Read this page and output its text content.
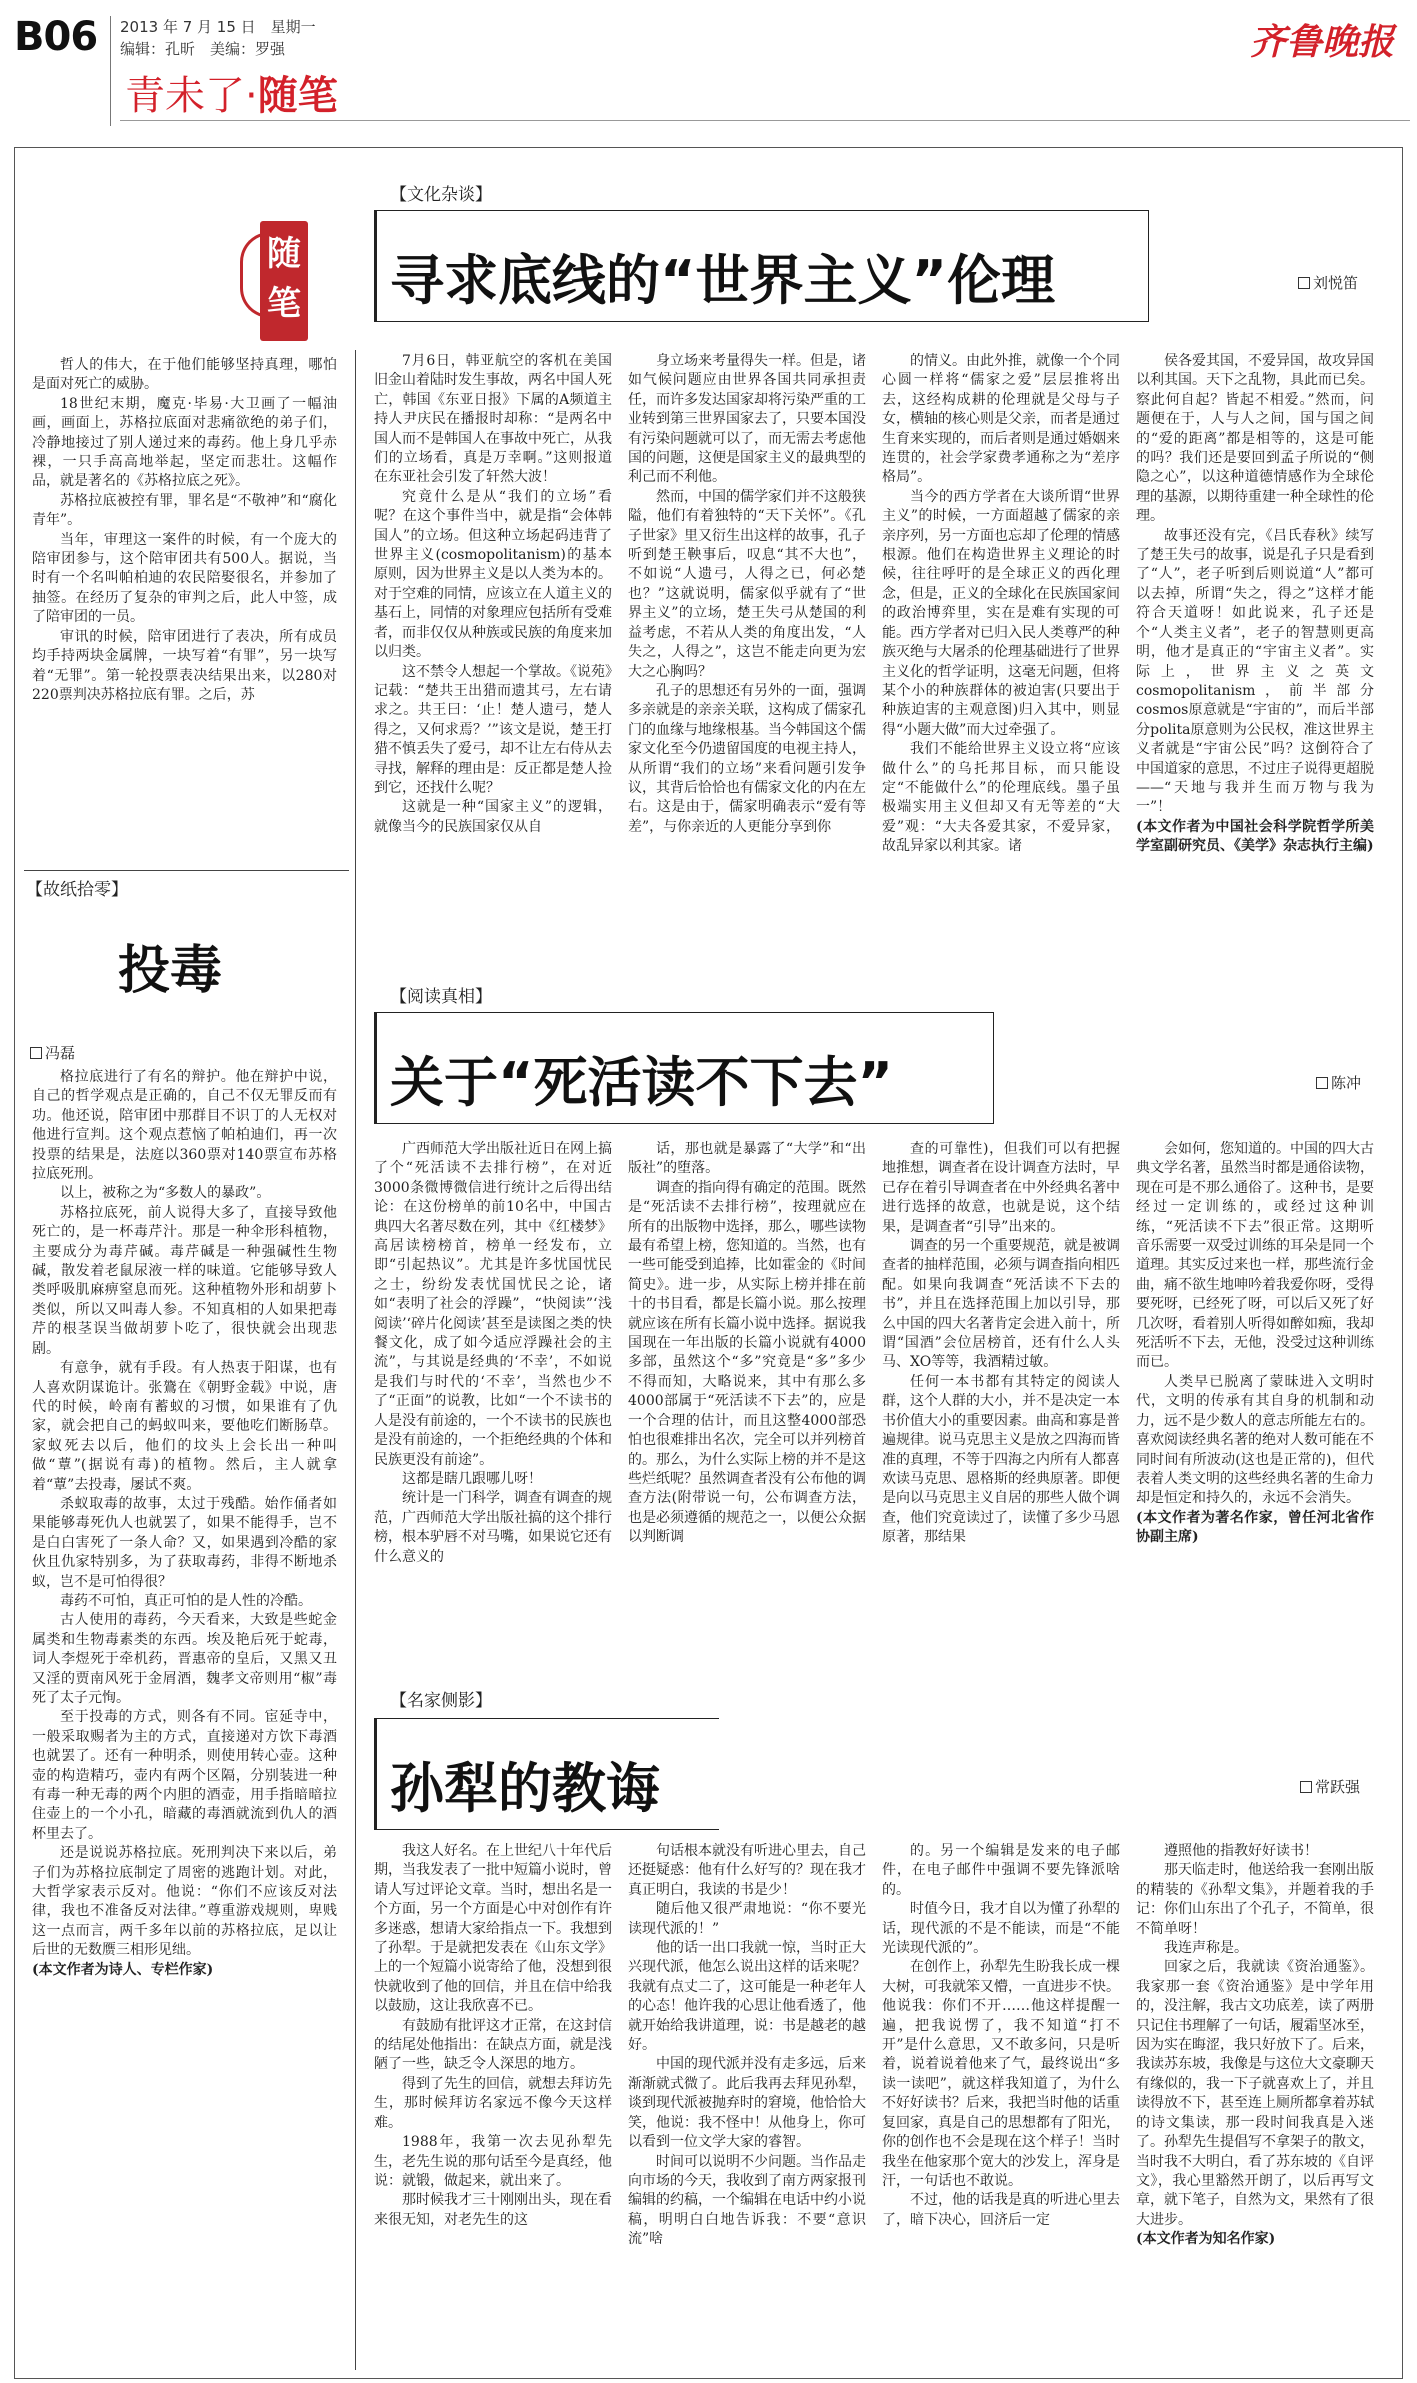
B06 2013 年 7 月 15 日　星期一
编辑：孔昕　美编：罗强
青未了·随笔
齐鲁晚报
随
笔

哲人的伟大，在于他们能够坚持真理，哪怕是面对死亡的威胁。

18世纪末期，魔克·毕易·大卫画了一幅油画，画面上，苏格拉底面对悲痛欲绝的弟子们，冷静地接过了别人递过来的毒药。他上身几乎赤裸，一只手高高地举起，坚定而悲壮。这幅作品，就是著名的《苏格拉底之死》。

苏格拉底被控有罪，罪名是“不敬神”和“腐化青年”。

当年，审理这一案件的时候，有一个庞大的陪审团参与，这个陪审团共有500人。据说，当时有一个名叫帕柏迪的农民陪娶很名，并参加了抽签。在经历了复杂的审判之后，此人中签，成了陪审团的一员。

审讯的时候，陪审团进行了表决，所有成员均手持两块金属牌，一块写着“有罪”，另一块写着“无罪”。第一轮投票表决结果出来，以280对220票判决苏格拉底有罪。之后，苏

【故纸拾零】
投毒
冯磊

格拉底进行了有名的辩护。他在辩护中说，自己的哲学观点是正确的，自己不仅无罪反而有功。他还说，陪审团中那群目不识丁的人无权对他进行宣判。这个观点惹恼了帕柏迪们，再一次投票的结果是，法庭以360票对140票宣布苏格拉底死刑。

以上，被称之为“多数人的暴政”。

苏格拉底死，前人说得大多了，直接导致他死亡的，是一杯毒芹汁。那是一种伞形科植物，主要成分为毒芹碱。毒芹碱是一种强碱性生物碱，散发着老鼠尿液一样的味道。它能够导致人类呼吸肌麻痹窒息而死。这种植物外形和胡萝卜类似，所以又叫毒人参。不知真相的人如果把毒芹的根茎误当做胡萝卜吃了，很快就会出现悲剧。

有意争，就有手段。有人热衷于阳谋，也有人喜欢阴谋诡计。张鷟在《朝野金载》中说，唐代的时候，岭南有蓄蚁的习惯，如果谁有了仇家，就会把自己的蚂蚁叫来，要他吃们断肠草。家蚁死去以后，他们的坟头上会长出一种叫做“蕈”(据说有毒)的植物。然后，主人就拿着“蕈”去投毒，屡试不爽。

杀蚁取毒的故事，太过于残酷。始作俑者如果能够毒死仇人也就罢了，如果不能得手，岂不是白白害死了一条人命？又，如果遇到冷酷的家伙且仇家特别多，为了获取毒药，非得不断地杀蚁，岂不是可怕得很？

毒药不可怕，真正可怕的是人性的冷酷。

古人使用的毒药，今天看来，大致是些蛇金属类和生物毒素类的东西。埃及艳后死于蛇毒，词人李煜死于牵机药，晋惠帝的皇后，又黑又丑又淫的贾南风死于金屑酒，魏孝文帝则用“椒”毒死了太子元恂。

至于投毒的方式，则各有不同。宦延寺中，一般采取赐者为主的方式，直接递对方饮下毒酒也就罢了。还有一种明杀，则使用转心壶。这种壶的构造精巧，壶内有两个区隔，分别装进一种有毒一种无毒的两个内胆的酒壶，用手指暗暗拉住壶上的一个小孔，暗藏的毒酒就流到仇人的酒杯里去了。

还是说说苏格拉底。死刑判决下来以后，弟子们为苏格拉底制定了周密的逃跑计划。对此，大哲学家表示反对。他说：“你们不应该反对法律，我也不准备反对法律。”尊重游戏规则，卑贱这一点而言，两千多年以前的苏格拉底，足以让后世的无数赝三相形见绌。

(本文作者为诗人、专栏作家)

【文化杂谈】
寻求底线的“世界主义”伦理	刘悦笛

7月6日，韩亚航空的客机在美国旧金山着陆时发生事故，两名中国人死亡，韩国《东亚日报》下属的A频道主持人尹庆民在播报时却称：“是两名中国人而不是韩国人在事故中死亡，从我们的立场看，真是万幸啊。”这则报道在东亚社会引发了轩然大波！

究竟什么是从“我们的立场”看呢？在这个事件当中，就是指“会体韩国人”的立场。但这种立场起码违背了世界主义(cosmopolitanism)的基本原则，因为世界主义是以人类为本的。对于空难的同情，应该立在人道主义的基石上，同情的对象理应包括所有受难者，而非仅仅从种族或民族的角度来加以归类。

这不禁令人想起一个掌故。《说苑》记载：“楚共王出猎而遗其弓，左右请求之。共王曰：‘止！楚人遗弓，楚人得之，又何求焉？’”该文是说，楚王打猎不慎丢失了爱弓，却不让左右侍从去寻找，解释的理由是：反正都是楚人捡到它，还找什么呢？

这就是一种“国家主义”的逻辑，就像当今的民族国家仅从自

身立场来考量得失一样。但是，诸如气候问题应由世界各国共同承担责任，而许多发达国家却将污染严重的工业转到第三世界国家去了，只要本国没有污染问题就可以了，而无需去考虑他国的问题，这便是国家主义的最典型的利己而不利他。

然而，中国的儒学家们并不这般狭隘，他们有着独特的“天下关怀”。《孔子世家》里又衍生出这样的故事，孔子听到楚王鞅事后，叹息“其不大也”，不如说“人遗弓，人得之已，何必楚也？”这就说明，儒家似乎就有了“世界主义”的立场，楚王失弓从楚国的利益考虑，不若从人类的角度出发，“人失之，人得之”，这岂不能走向更为宏大之心胸吗？

孔子的思想还有另外的一面，强调多亲就是的亲亲关联，这构成了儒家孔门的血缘与地缘根基。当今韩国这个儒家文化至今仍遗留国度的电视主持人，从所谓“我们的立场”来看问题引发争议，其背后恰恰也有儒家文化的内在左右。这是由于，儒家明确表示“爱有等差”，与你亲近的人更能分享到你

的情义。由此外推，就像一个个同心圆一样将“儒家之爱”层层推将出去，这经构成耕的伦理就是父母与子女，横轴的核心则是父亲，而者是通过生育来实现的，而后者则是通过婚姻来连贯的，社会学家费孝通称之为“差序格局”。

当今的西方学者在大谈所谓“世界主义”的时候，一方面超越了儒家的亲亲序列，另一方面也忘却了伦理的情感根源。他们在构造世界主义理论的时候，往往呼吁的是全球正义的西化理念，但是，正义的全球化在民族国家间的政治博弈里，实在是难有实现的可能。西方学者对已归入民人类尊严的种族灭绝与大屠杀的伦理基础进行了世界主义化的哲学证明，这毫无问题，但将某个小的种族群体的被迫害(只要出于种族迫害的主观意图)归入其中，则显得“小题大做”而大过牵强了。

我们不能给世界主义设立将“应该做什么”的乌托邦目标，而只能设定“不能做什么”的伦理底线。墨子虽极端实用主义但却又有无等差的“大爱”观：“大夫各爱其家，不爱异家，故乱异家以利其家。诸

侯各爱其国，不爱异国，故攻异国以利其国。天下之乱物，具此而已矣。察此何自起？皆起不相爱。”然而，问题便在于，人与人之间，国与国之间的“爱的距离”都是相等的，这是可能的吗？我们还是要回到孟子所说的“侧隐之心”，以这种道德情感作为全球伦理的基源，以期待重建一种全球性的伦理。

故事还没有完，《吕氏春秋》续写了楚王失弓的故事，说是孔子只是看到了“人”，老子听到后则说道“人”都可以去掉，所谓“失之，得之”这样才能符合天道呀！如此说来，孔子还是个“人类主义者”，老子的智慧则更高明，他才是真正的“宇宙主义者”。实际上，世界主义之英文cosmopolitanism，前半部分cosmos原意就是“宇宙的”，而后半部分polita原意则为公民权，准这世界主义者就是“宇宙公民”吗？这倒符合了中国道家的意思，不过庄子说得更超脱——“天地与我并生而万物与我为一”！

(本文作者为中国社会科学院哲学所美学室副研究员、《美学》杂志执行主编)

【阅读真相】
关于“死活读不下去”	陈冲

广西师范大学出版社近日在网上搞了个“死活读不去排行榜”，在对近3000条微博微信进行统计之后得出结论：在这份榜单的前10名中，中国古典四大名著尽数在列，其中《红楼梦》高居读榜榜首，榜单一经发布，立即“引起热议”。尤其是许多忧国忧民之士，纷纷发表忧国忧民之论，诸如“表明了社会的浮躁”，“快阅读”‘浅阅读’‘碎片化阅读’甚至是读图之类的快餐文化，成了如今适应浮躁社会的主流”，与其说是经典的‘不幸’，不如说是我们与时代的‘不幸’，当然也少不了“正面”的说教，比如“一个不读书的人是没有前途的，一个不读书的民族也是没有前途的，一个拒绝经典的个体和民族更没有前途”。

这都是瞎几跟哪儿呀！

统计是一门科学，调查有调查的规范，广西师范大学出版社搞的这个排行榜，根本驴唇不对马嘴，如果说它还有什么意义的

话，那也就是暴露了“大学”和“出版社”的堕落。

调查的指向得有确定的范围。既然是“死活读不去排行榜”，按理就应在所有的出版物中选择，那么，哪些读物最有希望上榜，您知道的。当然，也有一些可能受到追捧，比如霍金的《时间简史》。进一步，从实际上榜并排在前十的书目看，都是长篇小说。那么按理就应该在所有长篇小说中选择。据说我国现在一年出版的长篇小说就有4000多部，虽然这个“多”究竟是“多”多少不得而知，大略说来，其中有那么多4000部属于“死活读不下去”的，应是一个合理的估计，而且这整4000部恐怕也很难排出名次，完全可以并列榜首的。那么，为什么实际上榜的并不是这些烂纸呢？虽然调查者没有公布他的调查方法(附带说一句，公布调查方法，也是必须遵循的规范之一，以便公众据以判断调

查的可靠性)，但我们可以有把握地推想，调查者在设计调查方法时，早已存在着引导调查者在中外经典名著中进行选择的故意，也就是说，这个结果，是调查者“引导”出来的。

调查的另一个重要规范，就是被调查者的抽样范围，必须与调查指向相匹配。如果向我调查“死活读不下去的书”，并且在选择范围上加以引导，那么中国的四大名著肯定会进入前十，所谓“国酒”会位居榜首，还有什么人头马、XO等等，我酒精过敏。

任何一本书都有其特定的阅读人群，这个人群的大小，并不是决定一本书价值大小的重要因素。曲高和寡是普遍规律。说马克思主义是放之四海而皆准的真理，不等于四海之内所有人都喜欢读马克思、恩格斯的经典原著。即便是向以马克思主义自居的那些人做个调查，他们究竟读过了，读懂了多少马恩原著，那结果

会如何，您知道的。中国的四大古典文学名著，虽然当时都是通俗读物，现在可是不那么通俗了。这种书，是要经过一定训练的，或经过这种训练，“死活读不下去”很正常。这期听音乐需要一双受过训练的耳朵是同一个道理。其实反过来也一样，那些流行金曲，痛不欲生地呻吟着我爱你呀，受得要死呀，已经死了呀，可以后又死了好几次呀，看着别人听得如醉如痴，我却死活听不下去，无他，没受过这种训练而已。

人类早已脱离了蒙昧进入文明时代，文明的传承有其自身的机制和动力，远不是少数人的意志所能左右的。喜欢阅读经典名著的绝对人数可能在不同时间有所波动(这也是正常的)，但代表着人类文明的这些经典名著的生命力却是恒定和持久的，永远不会消失。

(本文作者为著名作家，曾任河北省作协副主席)

【名家侧影】
孙犁的教诲	常跃强

我这人好名。在上世纪八十年代后期，当我发表了一批中短篇小说时，曾请人写过评论文章。当时，想出名是一个方面，另一个方面是心中对创作有许多迷惑，想请大家给指点一下。我想到了孙犁。于是就把发表在《山东文学》上的一个短篇小说寄给了他，没想到很快就收到了他的回信，并且在信中给我以鼓励，这让我欣喜不已。

有鼓励有批评这才正常，在这封信的结尾处他指出：在缺点方面，就是浅陋了一些，缺乏令人深思的地方。

得到了先生的回信，就想去拜访先生，那时候拜访名家远不像今天这样难。

1988年，我第一次去见孙犁先生，老先生说的那句话至今是真经，他说：就锻，做起来，就出来了。

那时候我才三十刚刚出头，现在看来很无知，对老先生的这

句话根本就没有听进心里去，自己还挺疑惑：他有什么好写的？现在我才真正明白，我读的书是少！

随后他又很严肃地说：“你不要光读现代派的！”

他的话一出口我就一惊，当时正大兴现代派，他怎么说出这样的话来呢？我就有点丈二了，这可能是一种老年人的心态！他许我的心思让他看透了，他就开始给我讲道理，说：书是越老的越好。

中国的现代派并没有走多远，后来渐渐就式微了。此后我再去拜见孙犁，谈到现代派被抛弃时的窘境，他恰恰大笑，他说：我不怪中！从他身上，你可以看到一位文学大家的睿智。

时间可以说明不少问题。当作品走向市场的今天，我收到了南方两家报刊编辑的约稿，一个编辑在电话中约小说稿，明明白白地告诉我：不要“意识流”啥

的。另一个编辑是发来的电子邮件，在电子邮件中强调不要先锋派啥的。

时值今日，我才自以为懂了孙犁的话，现代派的不是不能读，而是“不能光读现代派的”。

在创作上，孙犁先生盼我长成一棵大树，可我就笨又懵，一直进步不快。他说我：你们不开……他这样提醒一遍，把我说愣了，我不知道“打不开”是什么意思，又不敢多问，只是听着，说着说着他来了气，最终说出“多读一读吧”，就这样我知道了，为什么不好好读书？后来，我把当时他的话重复回家，真是自己的思想都有了阳光，你的创作也不会是现在这个样子！当时我坐在他家那个宽大的沙发上，浑身是汗，一句话也不敢说。

不过，他的话我是真的听进心里去了，暗下决心，回济后一定

遵照他的指教好好读书！

那天临走时，他送给我一套刚出版的精装的《孙犁文集》，并题着我的手记：你们山东出了个孔子，不简单，很不简单呀！

我连声称是。

回家之后，我就读《资治通鉴》。我家那一套《资治通鉴》是中学年用的，没注解，我古文功底差，读了两册只记住书理解了一句话，履霜坚冰至，因为实在晦涩，我只好放下了。后来，我读苏东坡，我像是与这位大文豪聊天有缘似的，我一下子就喜欢上了，并且读得放不下，甚至连上厕所都拿着苏轼的诗文集读，那一段时间我真是入迷了。孙犁先生提倡写不拿架子的散文，当时我不大明白，看了苏东坡的《自评文》，我心里豁然开朗了，以后再写文章，就下笔子，自然为文，果然有了很大进步。

(本文作者为知名作家)
